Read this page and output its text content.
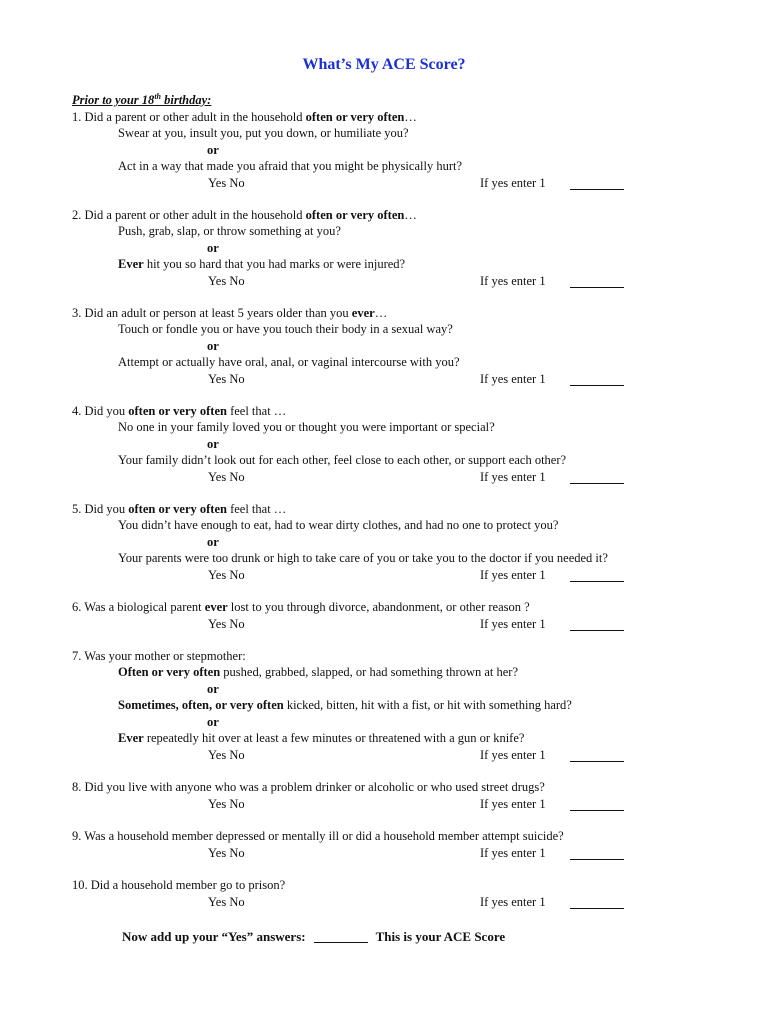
What’s My ACE Score?
Prior to your 18th birthday:
1. Did a parent or other adult in the household often or very often…
Swear at you, insult you, put you down, or humiliate you?
or
Act in a way that made you afraid that you might be physically hurt?
Yes No	If yes enter 1
2. Did a parent or other adult in the household often or very often…
Push, grab, slap, or throw something at you?
or
Ever hit you so hard that you had marks or were injured?
Yes No	If yes enter 1
3. Did an adult or person at least 5 years older than you ever…
Touch or fondle you or have you touch their body in a sexual way?
or
Attempt or actually have oral, anal, or vaginal intercourse with you?
Yes No	If yes enter 1
4. Did you often or very often feel that …
No one in your family loved you or thought you were important or special?
or
Your family didn’t look out for each other, feel close to each other, or support each other?
Yes No	If yes enter 1
5. Did you often or very often feel that …
You didn’t have enough to eat, had to wear dirty clothes, and had no one to protect you?
or
Your parents were too drunk or high to take care of you or take you to the doctor if you needed it?
Yes No	If yes enter 1
6. Was a biological parent ever lost to you through divorce, abandonment, or other reason ?
Yes No	If yes enter 1
7. Was your mother or stepmother:
Often or very often pushed, grabbed, slapped, or had something thrown at her?
or
Sometimes, often, or very often kicked, bitten, hit with a fist, or hit with something hard?
or
Ever repeatedly hit over at least a few minutes or threatened with a gun or knife?
Yes No	If yes enter 1
8. Did you live with anyone who was a problem drinker or alcoholic or who used street drugs?
Yes No	If yes enter 1
9. Was a household member depressed or mentally ill or did a household member attempt suicide?
Yes No	If yes enter 1
10. Did a household member go to prison?
Yes No	If yes enter 1
Now add up your “Yes” answers:	This is your ACE Score
